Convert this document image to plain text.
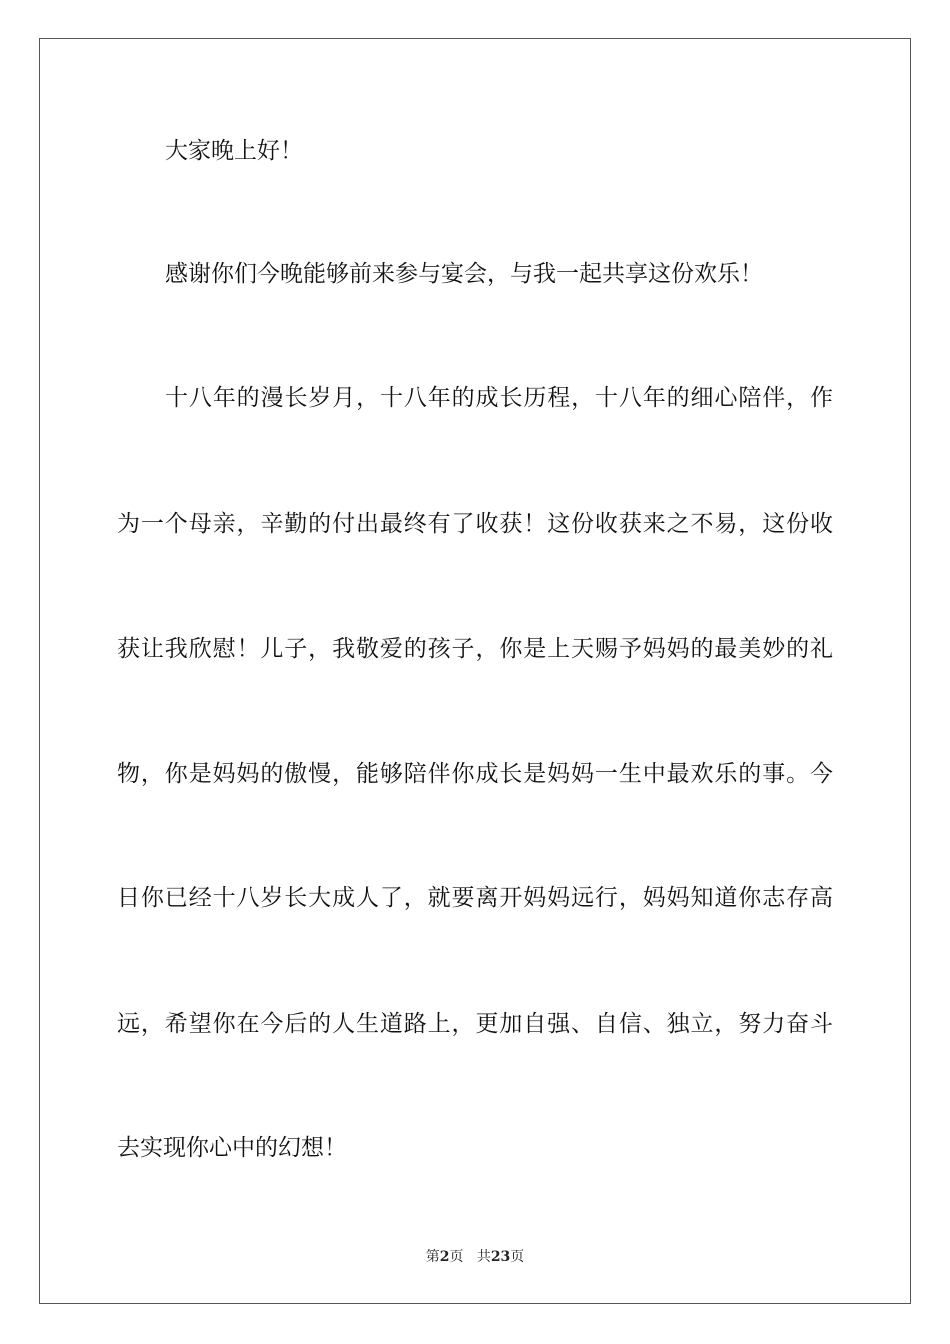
大家晚上好！
感谢你们今晚能够前来参与宴会，与我一起共享这份欢乐！
十八年的漫长岁月，十八年的成长历程，十八年的细心陪伴，作
为一个母亲，辛勤的付出最终有了收获！这份收获来之不易，这份收
获让我欣慰！儿子，我敬爱的孩子，你是上天赐予妈妈的最美妙的礼
物，你是妈妈的傲慢，能够陪伴你成长是妈妈一生中最欢乐的事。今
日你已经十八岁长大成人了，就要离开妈妈远行，妈妈知道你志存高
远，希望你在今后的人生道路上，更加自强、自信、独立，努力奋斗
去实现你心中的幻想！
第2页 共23页
